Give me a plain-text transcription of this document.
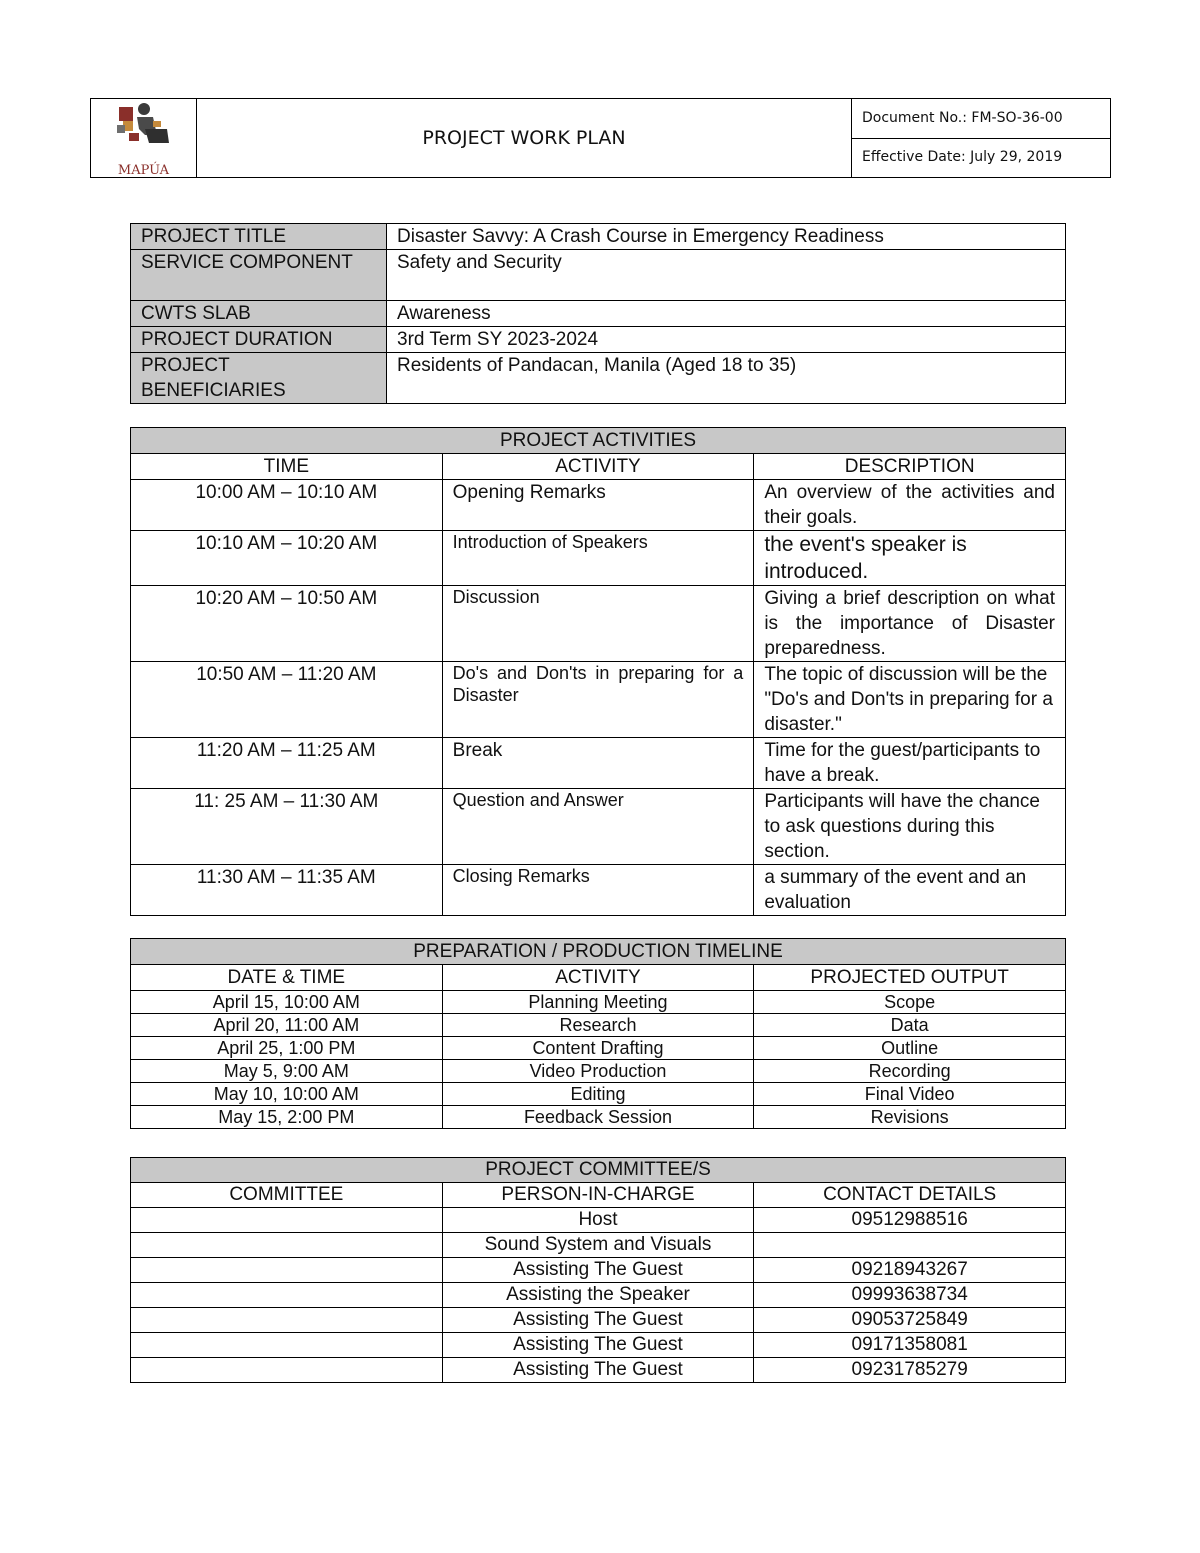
MAPÚA
	PROJECT WORK PLAN	Document No.: FM-SO-36-00
Effective Date: July 29, 2019
PROJECT TITLE	Disaster Savvy: A Crash Course in Emergency Readiness
SERVICE COMPONENT	Safety and Security
CWTS SLAB	Awareness
PROJECT DURATION	3rd Term SY 2023-2024
PROJECT BENEFICIARIES	Residents of Pandacan, Manila (Aged 18 to 35)
PROJECT ACTIVITIES		
TIME	ACTIVITY	DESCRIPTION
10:00 AM – 10:10 AM	Opening Remarks	An overview of the activities and their goals.
10:10 AM – 10:20 AM	Introduction of Speakers	the event's speaker is introduced.
10:20 AM – 10:50 AM	Discussion	Giving a brief description on what is the importance of Disaster preparedness.
10:50 AM – 11:20 AM	Do's and Don'ts in preparing for a Disaster	The topic of discussion will be the "Do's and Don'ts in preparing for a disaster."
11:20 AM – 11:25 AM	Break	Time for the guest/participants to have a break.
11: 25 AM – 11:30 AM	Question and Answer	Participants will have the chance to ask questions during this section.
11:30 AM – 11:35 AM	Closing Remarks	a summary of the event and an evaluation
PREPARATION / PRODUCTION TIMELINE		
DATE & TIME	ACTIVITY	PROJECTED OUTPUT
April 15, 10:00 AM	Planning Meeting	Scope
April 20, 11:00 AM	Research	Data
April 25, 1:00 PM	Content Drafting	Outline
May 5, 9:00 AM	Video Production	Recording
May 10, 10:00 AM	Editing	Final Video
May 15, 2:00 PM	Feedback Session	Revisions
PROJECT COMMITTEE/S		
COMMITTEE	PERSON-IN-CHARGE	CONTACT DETAILS
	Host	09512988516
	Sound System and Visuals	
	Assisting The Guest	09218943267
	Assisting the Speaker	09993638734
	Assisting The Guest	09053725849
	Assisting The Guest	09171358081
	Assisting The Guest	09231785279
